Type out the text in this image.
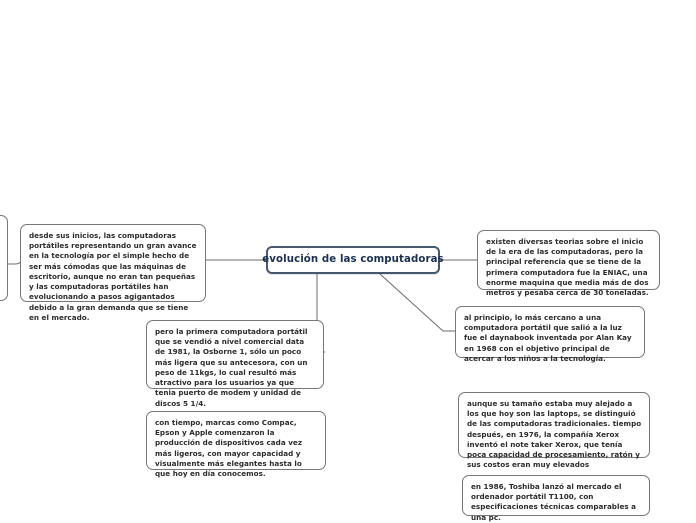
desde sus inicios, las computadoras portátiles representando un gran avance en la tecnología por el simple hecho de ser más cómodas que las máquinas de escritorio, aunque no eran tan pequeñas y las computadoras portátiles han evolucionando a pasos agigantados debido a la gran demanda que se tiene en el mercado.
evolución de las computadoras
existen diversas teorias sobre el inicio de la era de las computadoras, pero la principal referencia que se tiene de la primera computadora fue la ENIAC, una enorme maquina que media más de dos metros y pesaba cerca de 30 toneladas.
al principio, lo más cercano a una computadora portátil que salió a la luz fue el daynabook inventada por Alan Kay en 1968 con el objetivo principal de acercar a los niños a la tecnología.
pero la primera computadora portátil que se vendió a nivel comercial data de 1981, la Osborne 1, sólo un poco más ligera que su antecesora, con un peso de 11kgs, lo cual resultó más atractivo para los usuarios ya que tenia puerto de modem y unidad de discos 5 1/4.	aunque su tamaño estaba muy alejado a los que hoy son las laptops, se distinguió de las computadoras tradicionales. tiempo después, en 1976, la compañía Xerox inventó el note taker Xerox, que tenía poca capacidad de procesamiento, ratón y sus costos eran muy elevados
con tiempo, marcas como Compac, Epson y Apple comenzaron la producción de dispositivos cada vez más ligeros, con mayor capacidad y visualmente más elegantes hasta lo que hoy en día conocemos.
en 1986, Toshiba lanzó al mercado el ordenador portátil T1100, con especificaciones técnicas comparables a una pc.
